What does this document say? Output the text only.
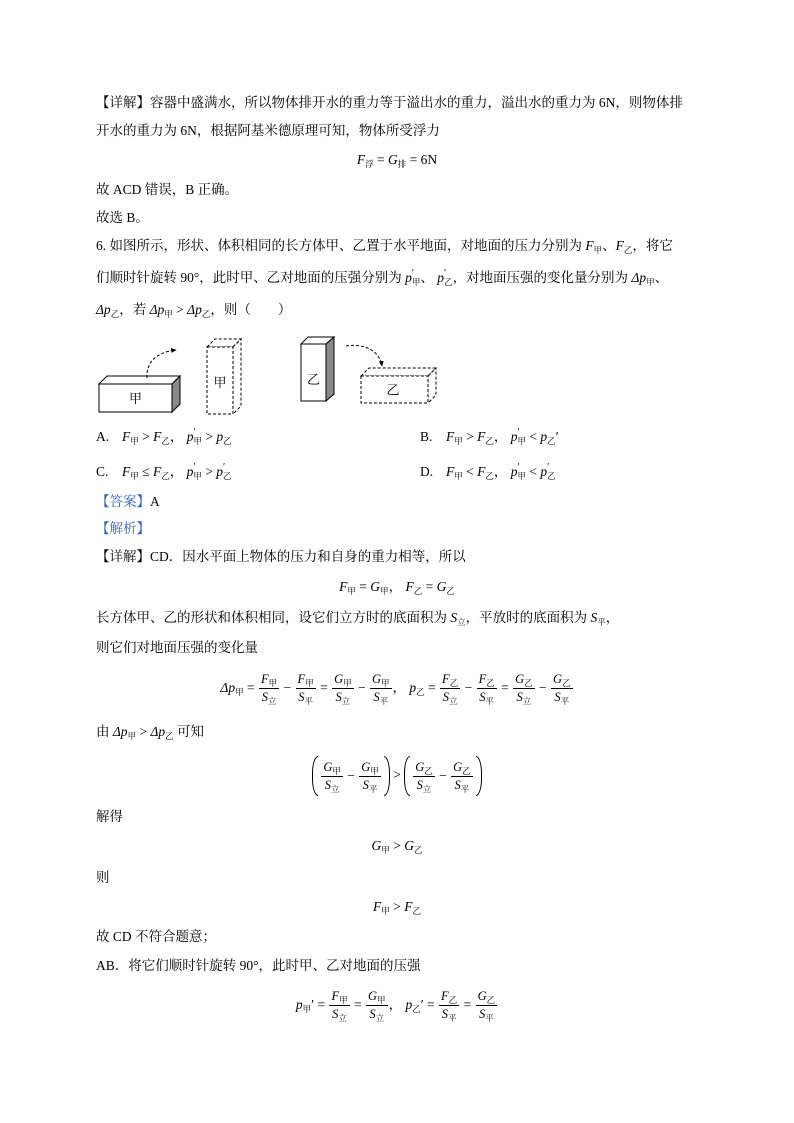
【详解】容器中盛满水，所以物体排开水的重力等于溢出水的重力，溢出水的重力为 6N，则物体排
开水的重力为 6N，根据阿基米德原理可知，物体所受浮力
F 浮 = G 排 = 6N
故 ACD 错误，B 正确。
故选 B。
6. 如图所示，形状、体积相同的长方体甲、乙置于水平地面，对地面的压力分别为 F 甲 、F 乙 ，将它
们顺时针旋转 90°，此时甲、乙对地面的压强分别为 p ′
甲 、 p ′
乙 ，对地面压强的变化量分别为 Δp 甲 、
Δp 乙 ，若 Δp 甲 > Δp 乙 ，则（　　）
甲
甲	乙
乙
A. F 甲 > F 乙 ， p ′
甲 > p 乙	B. F 甲 > F 乙 ， p ′
甲 < p 乙 ′
C. F 甲 ≤ F 乙 ， p ′
甲 > p ′
乙	D. F 甲 < F 乙 ， p ′
甲 < p ′
乙
【答案】A
【解析】
【详解】CD．因水平面上物体的压力和自身的重力相等，所以
F 甲 = G 甲 ， F 乙 = G 乙
长方体甲、乙的形状和体积相同，设它们立方时的底面积为 S 立 ，平放时的底面积为 S 平 ，
则它们对地面压强的变化量
Δp 甲 = $\frac{\text{F 甲}}{\text{S 立}} - \frac{\text{F 甲}}{\text{S 平}} = \frac{\text{G 甲}}{\text{S 立}} - \frac{\text{G 甲}}{\text{S 平}}$ ， p 乙 = $\frac{\text{F 乙}}{\text{S 立}} - \frac{\text{F 乙}}{\text{S 平}} = \frac{\text{G 乙}}{\text{S 立}} - \frac{\text{G 乙}}{\text{S 平}}$
由 Δp 甲 > Δp 乙 可知
$\frac{\text{G 甲}}{\text{S 立}} - \frac{\text{G 甲}}{\text{S 平}} > \frac{\text{G 乙}}{\text{S 立}} - \frac{\text{G 乙}}{\text{S 平}}$
解得
G 甲 > G 乙
则
F 甲 > F 乙
故 CD 不符合题意；
AB．将它们顺时针旋转 90°，此时甲、乙对地面的压强
p 甲 ′ = $\frac{\text{F 甲}}{\text{S 立}} = \frac{\text{G 甲}}{\text{S 立}}$ ， p 乙 ′ = $\frac{\text{F 乙}}{\text{S 平}} = \frac{\text{G 乙}}{\text{S 平}}$
